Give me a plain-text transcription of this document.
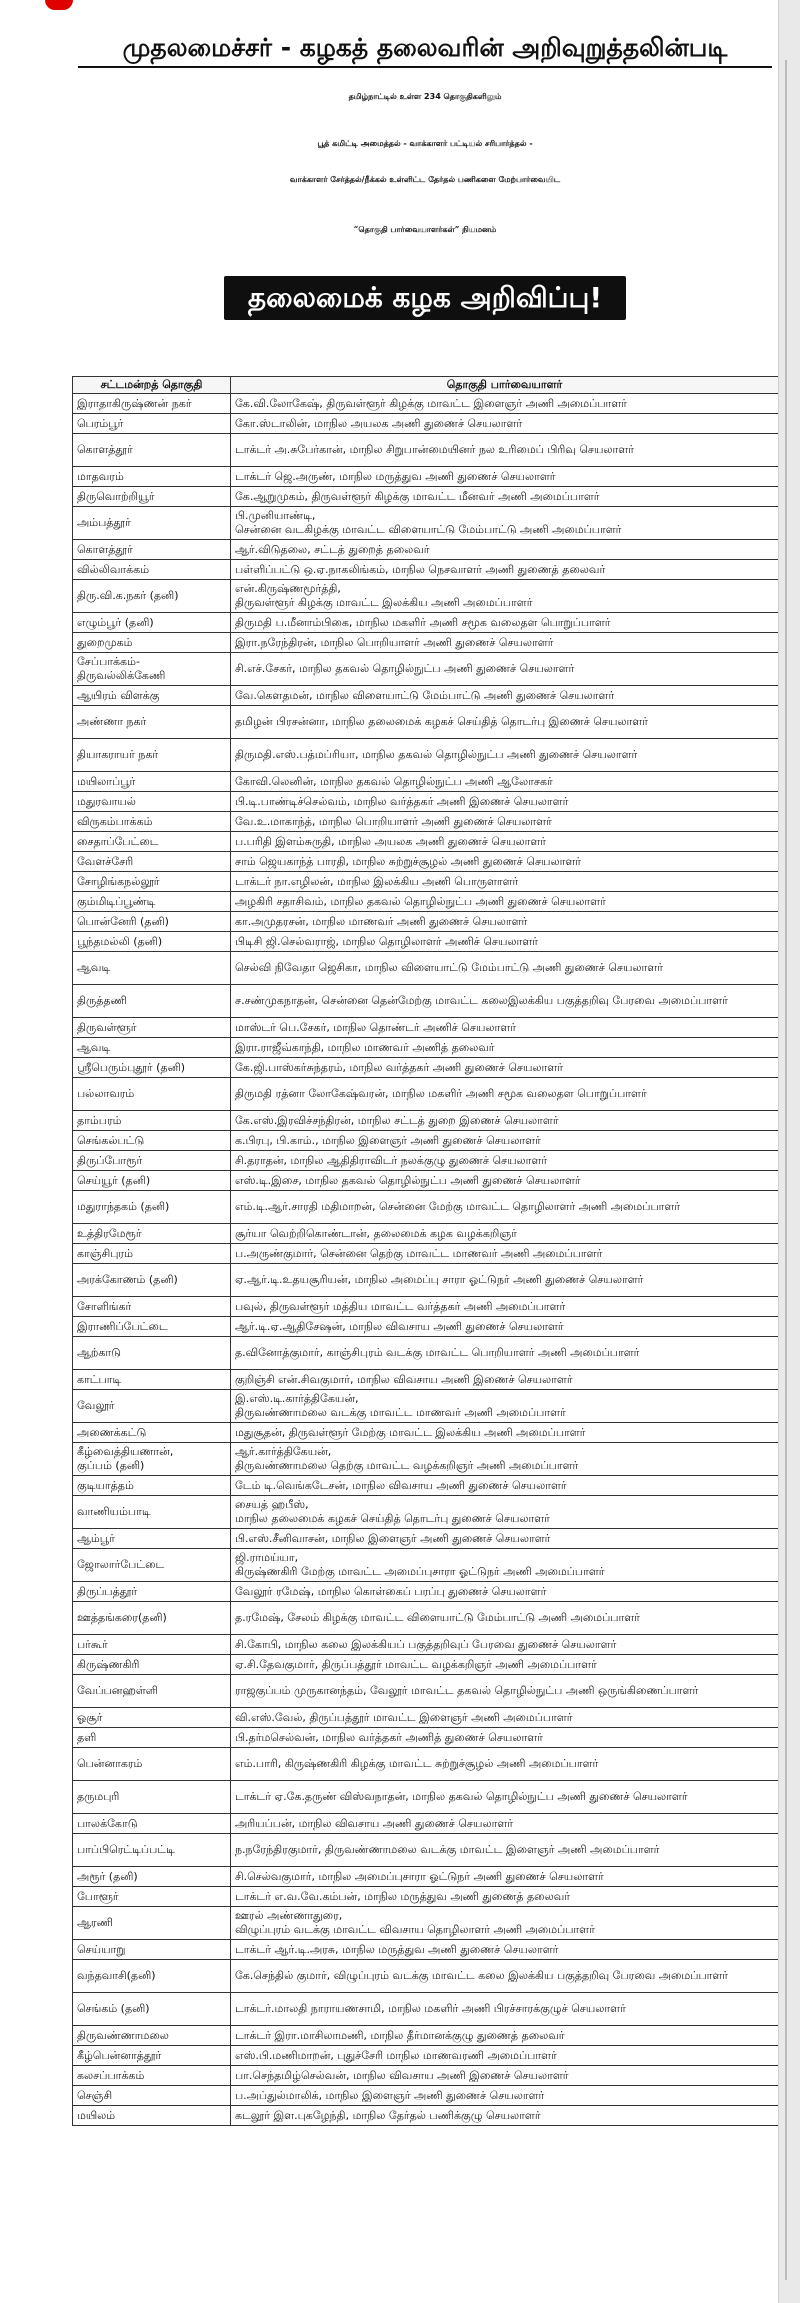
முதலமைச்சர் - கழகத் தலைவரின் அறிவுறுத்தலின்படி
தமிழ்நாட்டில் உள்ள 234 தொகுதிகளிலும்
பூத் கமிட்டி அமைத்தல் - வாக்காளர் பட்டியல் சரிபார்த்தல் -
வாக்காளர் சேர்த்தல்/நீக்கல் உள்ளிட்ட தேர்தல் பணிகளை மேற்பார்வையிட
“தொகுதி பார்வையாளர்கள்” நியமனம்
தலைமைக் கழக அறிவிப்பு!
சட்டமன்றத் தொகுதி	தொகுதி பார்வையாளர்
இராதாகிருஷ்ணன் நகர்	கே.வி.லோகேஷ், திருவள்ளூர் கிழக்கு மாவட்ட இளைஞர் அணி அமைப்பாளர்
பெரம்பூர்	கோ.ஸ்டாலின், மாநில அயலக அணி துணைச் செயலாளர்
கொளத்தூர்	டாக்டர் அ.சுபேர்கான், மாநில சிறுபான்மையினர் நல உரிமைப் பிரிவு செயலாளர்
மாதவரம்	டாக்டர் ஜெ.அருண், மாநில மருத்துவ அணி துணைச் செயலாளர்
திருவொற்றியூர்	கே.ஆறுமுகம், திருவள்ளூர் கிழக்கு மாவட்ட மீனவர் அணி அமைப்பாளர்
அம்பத்தூர்	பி.முனியாண்டி,
சென்னை வடகிழக்கு மாவட்ட விளையாட்டு மேம்பாட்டு அணி அமைப்பாளர்
கொளத்தூர்	ஆர்.விடுதலை, சட்டத் துறைத் தலைவர்
வில்லிவாக்கம்	பள்ளிப்பட்டு ஒ.ஏ.நாகலிங்கம், மாநில நெசவாளர் அணி துணைத் தலைவர்
திரு.வி.க.நகர் (தனி)	என்.கிருஷ்ணமூர்த்தி,
திருவள்ளூர் கிழக்கு மாவட்ட இலக்கிய அணி அமைப்பாளர்
எழும்பூர் (தனி)	திருமதி ப.மீனாம்பிகை, மாநில மகளிர் அணி சமூக வலைதள பொறுப்பாளர்
துறைமுகம்	இரா.நரேந்திரன், மாநில பொறியாளர் அணி துணைச் செயலாளர்
சேப்பாக்கம்-
திருவல்லிக்கேணி	சி.எச்.சேகர், மாநில தகவல் தொழில்நுட்ப அணி துணைச் செயலாளர்
ஆயிரம் விளக்கு	வே.கௌதமன், மாநில விளையாட்டு மேம்பாட்டு அணி துணைச் செயலாளர்
அண்ணா நகர்	தமிழன் பிரசன்னா, மாநில தலைமைக் கழகச் செய்தித் தொடர்பு இணைச் செயலாளர்
தியாகராயர் நகர்	திருமதி.எஸ்.பத்மப்ரியா, மாநில தகவல் தொழில்நுட்ப அணி துணைச் செயலாளர்
மயிலாப்பூர்	கோவி.லெனின், மாநில தகவல் தொழில்நுட்ப அணி ஆலோசகர்
மதுரவாயல்	பி.டி.பாண்டிச்செல்வம், மாநில வர்த்தகர் அணி இணைச் செயலாளர்
விருகம்பாக்கம்	வே.உ.மாகாந்த், மாநில பொறியாளர் அணி துணைச் செயலாளர்
சைதாப்பேட்டை	ப.பரிதி இளம்சுருதி, மாநில அயலக அணி துணைச் செயலாளர்
வேளச்சேரி	சாம் ஜெயகாந்த் பாரதி, மாநில சுற்றுச்சூழல் அணி துணைச் செயலாளர்
சோழிங்கநல்லூர்	டாக்டர் நா.எழிலன், மாநில இலக்கிய அணி பொருளாளர்
கும்மிடிப்பூண்டி	அழகிரி சதாசிவம், மாநில தகவல் தொழில்நுட்ப அணி துணைச் செயலாளர்
பொன்னேரி (தனி)	கா.அமுதரசன், மாநில மாணவர் அணி துணைச் செயலாளர்
பூந்தமல்லி (தனி)	பிடிசி ஜி.செல்வராஜ், மாநில தொழிலாளர் அணிச் செயலாளர்
ஆவடி	செல்வி நிவேதா ஜெசிகா, மாநில விளையாட்டு மேம்பாட்டு அணி துணைச் செயலாளர்
திருத்தணி	ச.சண்முகநாதன், சென்னை தென்மேற்கு மாவட்ட கலைஇலக்கிய பகுத்தறிவு பேரவை அமைப்பாளர்
திருவள்ளூர்	மாஸ்டர் பெ.சேகர், மாநில தொண்டர் அணிச் செயலாளர்
ஆவடி	இரா.ராஜீவ்காந்தி, மாநில மாணவர் அணித் தலைவர்
ஸ்ரீபெரும்புதூர் (தனி)	கே.ஜி.பாஸ்கர்சுந்தரம், மாநில வர்த்தகர் அணி துணைச் செயலாளர்
பல்லாவரம்	திருமதி ரத்னா லோகேஷ்வரன், மாநில மகளிர் அணி சமூக வலைதள பொறுப்பாளர்
தாம்பரம்	கே.எஸ்.இரவிச்சந்திரன், மாநில சட்டத் துறை இணைச் செயலாளர்
செங்கல்பட்டு	க.பிரபு, பி.காம்., மாநில இளைஞர் அணி துணைச் செயலாளர்
திருப்போரூர்	சி.தராதன், மாநில ஆதிதிராவிடர் நலக்குழு துணைச் செயலாளர்
செய்யூர் (தனி)	எஸ்.டி.இசை, மாநில தகவல் தொழில்நுட்ப அணி துணைச் செயலாளர்
மதுராந்தகம் (தனி)	எம்.டி.ஆர்.சாரதி மதிமாறன், சென்னை மேற்கு மாவட்ட தொழிலாளர் அணி அமைப்பாளர்
உத்திரமேரூர்	சூர்யா வெற்றிகொண்டான், தலைமைக் கழக வழக்கறிஞர்
காஞ்சிபுரம்	ப.அருண்குமார், சென்னை தெற்கு மாவட்ட மாணவர் அணி அமைப்பாளர்
அரக்கோணம் (தனி)	ஏ.ஆர்.டி.உதயசூரியன், மாநில அமைப்பு சாரா ஓட்டுநர் அணி துணைச் செயலாளர்
சோளிங்கர்	பவுல், திருவள்ளூர் மத்திய மாவட்ட வர்த்தகர் அணி அமைப்பாளர்
இராணிப்பேட்டை	ஆர்.டி.ஏ.ஆதிசேஷன், மாநில விவசாய அணி துணைச் செயலாளர்
ஆற்காடு	த.வினோத்குமார், காஞ்சிபுரம் வடக்கு மாவட்ட பொறியாளர் அணி அமைப்பாளர்
காட்பாடி	குறிஞ்சி என்.சிவகுமார், மாநில விவசாய அணி இணைச் செயலாளர்
வேலூர்	இ.எஸ்.டி.கார்த்திகேயன்,
திருவண்ணாமலை வடக்கு மாவட்ட மாணவர் அணி அமைப்பாளர்
அணைக்கட்டு	மதுசூதன், திருவள்ளூர் மேற்கு மாவட்ட இலக்கிய அணி அமைப்பாளர்
கீழ்வைத்தியணான்,
குப்பம் (தனி)	ஆர்.கார்த்திகேயன்,
திருவண்ணாமலை தெற்கு மாவட்ட வழக்கறிஞர் அணி அமைப்பாளர்
குடியாத்தம்	டேம் டி.வெங்கடேசன், மாநில விவசாய அணி துணைச் செயலாளர்
வாணியம்பாடி	சையத் ஹபீஸ்,
மாநில தலைமைக் கழகச் செய்தித் தொடர்பு துணைச் செயலாளர்
ஆம்பூர்	பி.எஸ்.சீனிவாசன், மாநில இளைஞர் அணி துணைச் செயலாளர்
ஜோலார்பேட்டை	ஜி.ராமய்யா,
கிருஷ்ணகிரி மேற்கு மாவட்ட அமைப்புசாரா ஓட்டுநர் அணி அமைப்பாளர்
திருப்பத்தூர்	வேலூர் ரமேஷ், மாநில கொள்கைப் பரப்பு துணைச் செயலாளர்
ஊத்தங்கரை(தனி)	த.ரமேஷ், சேலம் கிழக்கு மாவட்ட விளையாட்டு மேம்பாட்டு அணி அமைப்பாளர்
பர்கூர்	சி.கோபி, மாநில கலை இலக்கியப் பகுத்தறிவுப் பேரவை துணைச் செயலாளர்
கிருஷ்ணகிரி	ஏ.சி.தேவகுமார், திருப்பத்தூர் மாவட்ட வழக்கறிஞர் அணி அமைப்பாளர்
வேப்பனஹள்ளி	ராஜகுப்பம் முருகானந்தம், வேலூர் மாவட்ட தகவல் தொழில்நுட்ப அணி ஒருங்கிணைப்பாளர்
ஓசூர்	வி.எஸ்.வேல், திருப்பத்தூர் மாவட்ட இளைஞர் அணி அமைப்பாளர்
தளி	பி.தர்மசெல்வன், மாநில வர்த்தகர் அணித் துணைச் செயலாளர்
பென்னாகரம்	எம்.பாரி, கிருஷ்ணகிரி கிழக்கு மாவட்ட சுற்றுச்சூழல் அணி அமைப்பாளர்
தருமபுரி	டாக்டர் ஏ.கே.தருண் விஸ்வநாதன், மாநில தகவல் தொழில்நுட்ப அணி துணைச் செயலாளர்
பாலக்கோடு	அரியப்பன், மாநில விவசாய அணி துணைச் செயலாளர்
பாப்பிரெட்டிப்பட்டி	ந.நரேந்திரகுமார், திருவண்ணாமலை வடக்கு மாவட்ட இளைஞர் அணி அமைப்பாளர்
அரூர் (தனி)	சி.செல்வகுமார், மாநில அமைப்புசாரா ஓட்டுநர் அணி துணைச் செயலாளர்
போளூர்	டாக்டர் எ.வ.வே.கம்பன், மாநில மருத்துவ அணி துணைத் தலைவர்
ஆரணி	ஊரல் அண்ணாதுரை,
விழுப்புரம் வடக்கு மாவட்ட விவசாய தொழிலாளர் அணி அமைப்பாளர்
செய்யாறு	டாக்டர் ஆர்.டி.அரசு, மாநில மருத்துவ அணி துணைச் செயலாளர்
வந்தவாசி(தனி)	கே.செந்தில் குமார், விழுப்புரம் வடக்கு மாவட்ட கலை இலக்கிய பகுத்தறிவு பேரவை அமைப்பாளர்
செங்கம் (தனி)	டாக்டர்.மாலதி நாராயணசாமி, மாநில மகளிர் அணி பிரச்சாரக்குழுச் செயலாளர்
திருவண்ணாமலை	டாக்டர் இரா.மாசிலாமணி, மாநில தீர்மானக்குழு துணைத் தலைவர்
கீழ்பென்னாத்தூர்	எஸ்.பி.மணிமாறன், புதுச்சேரி மாநில மாணவரணி அமைப்பாளர்
கலசப்பாக்கம்	பா.செந்தமிழ்செல்வன், மாநில விவசாய அணி இணைச் செயலாளர்
செஞ்சி	ப.அப்துல்மாலிக், மாநில இளைஞர் அணி துணைச் செயலாளர்
மயிலம்	கடலூர் இள.புகழேந்தி, மாநில தேர்தல் பணிக்குழு செயலாளர்
